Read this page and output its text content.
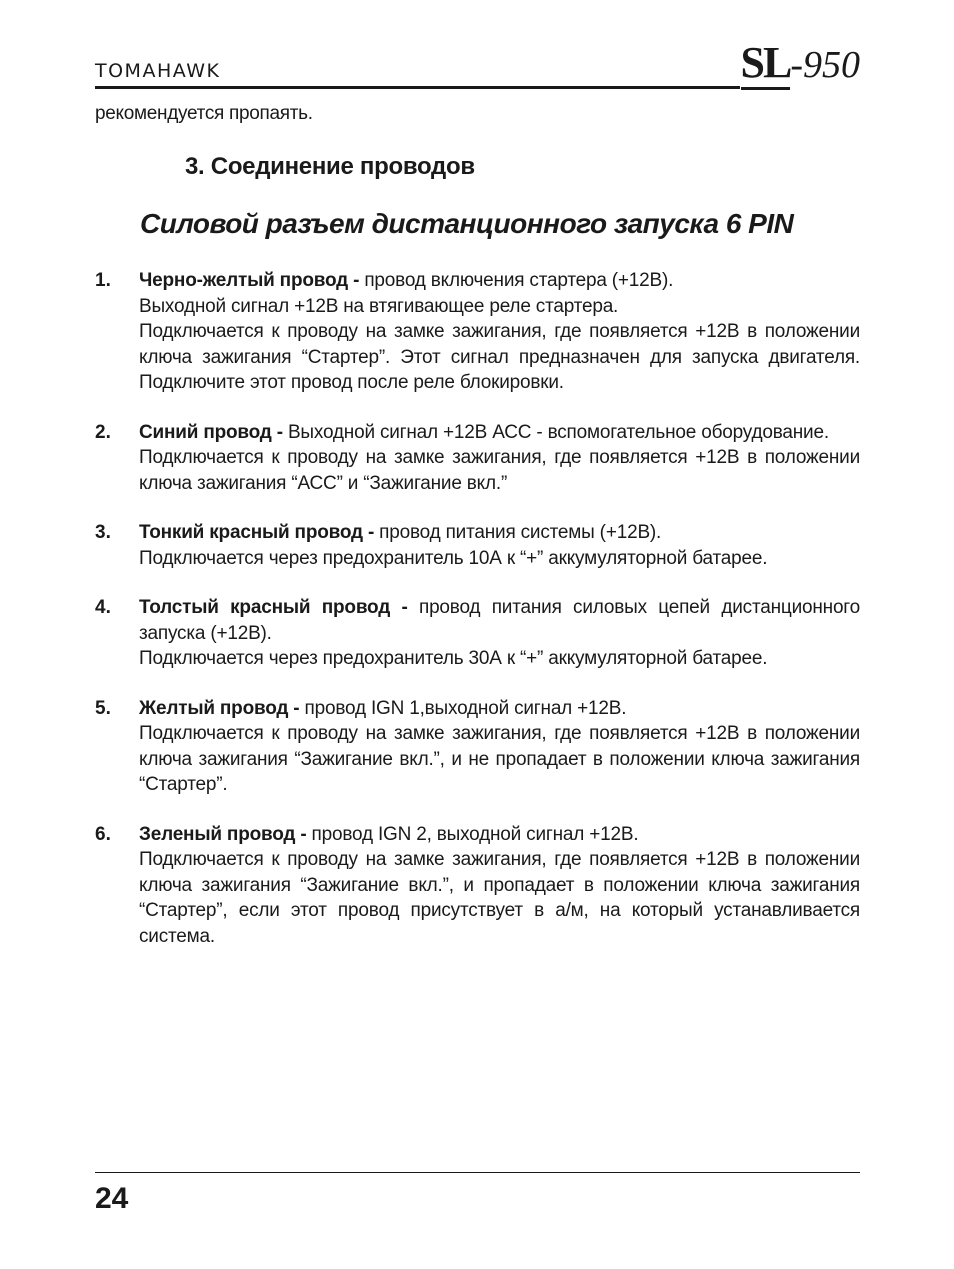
TOMAHAWK	SL-950
рекомендуется пропаять.
3. Соединение проводов
Силовой разъем дистанционного запуска 6 PIN
1. Черно-желтый провод - провод включения стартера (+12В).

Выходной сигнал +12В на втягивающее реле стартера.

Подключается к проводу на замке зажигания, где появляется +12В в положении ключа зажигания “Стартер”. Этот сигнал предназначен для запуска двигателя. Подключите этот провод после реле блокировки.

2. Синий провод - Выходной сигнал +12В АСС - вспомогательное оборудование.

Подключается к проводу на замке зажигания, где появляется +12В в положении ключа зажигания “АСС” и “Зажигание вкл.”

3. Тонкий красный провод - провод питания системы (+12В).

Подключается через предохранитель 10А к “+” аккумуляторной батарее.

4. Толстый красный провод - провод питания силовых цепей дистанционного запуска (+12В).

Подключается через предохранитель 30А к “+” аккумуляторной батарее.

5. Желтый провод - провод IGN 1,выходной сигнал +12В.

Подключается к проводу на замке зажигания, где появляется +12В в положении ключа зажигания “Зажигание вкл.”, и не пропадает в положении ключа зажигания “Стартер”.

6. Зеленый провод - провод IGN 2, выходной сигнал +12В.

Подключается к проводу на замке зажигания, где появляется +12В в положении ключа зажигания “Зажигание вкл.”, и пропадает в положении ключа зажигания “Стартер”, если этот провод присутствует в а/м, на который устанавливается система.

24
